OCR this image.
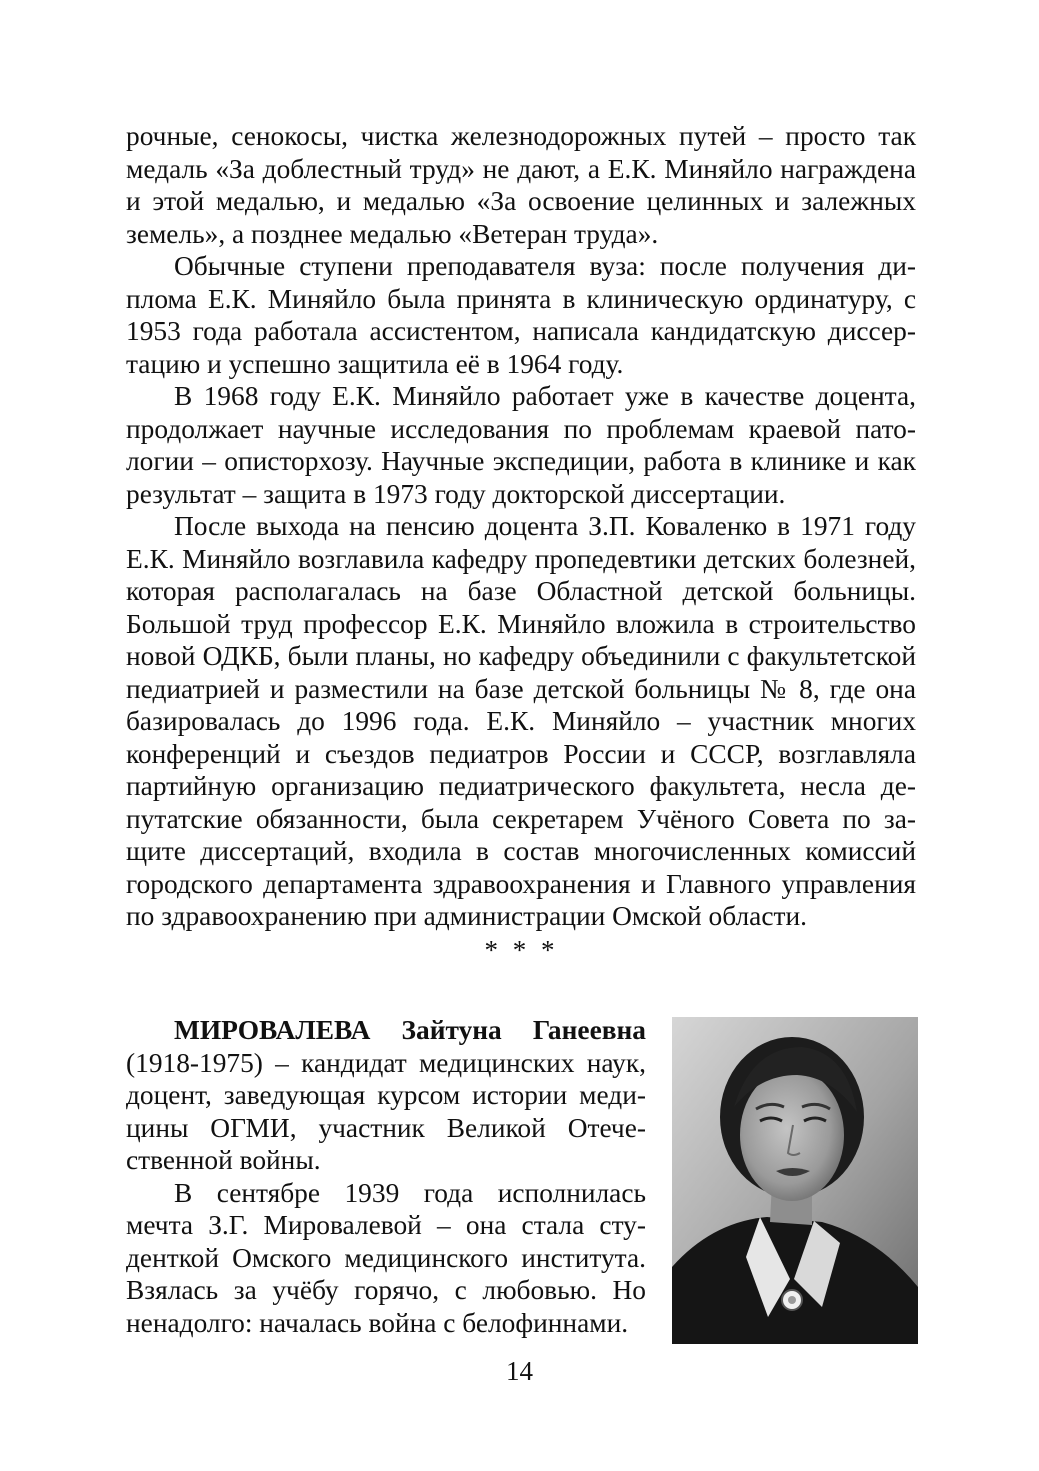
рочные, сенокосы, чистка железнодорожных путей – просто так медаль «За доблестный труд» не дают, а Е.К. Миняйло награждена и этой медалью, и медалью «За освоение целинных и залежных земель», а позднее медалью «Ветеран труда».

Обычные ступени преподавателя вуза: после получения диплома Е.К. Миняйло была принята в клиническую ординатуру, с 1953 года работала ассистентом, написала кандидатскую диссертацию и успешно защитила её в 1964 году.

В 1968 году Е.К. Миняйло работает уже в качестве доцента, продолжает научные исследования по проблемам краевой патологии – описторхозу. Научные экспедиции, работа в клинике и как результат – защита в 1973 году докторской диссертации.

После выхода на пенсию доцента З.П. Коваленко в 1971 году Е.К. Миняйло возглавила кафедру пропедевтики детских болезней, которая располагалась на базе Областной детской больницы. Большой труд профессор Е.К. Миняйло вложила в строительство новой ОДКБ, были планы, но кафедру объединили с факультетской педиатрией и разместили на базе детской больницы № 8, где она базировалась до 1996 года. Е.К. Миняйло – участник многих конференций и съездов педиатров России и СССР, возглавляла партийную организацию педиатрического факультета, несла депутатские обязанности, была секретарем Учёного Совета по защите диссертаций, входила в состав многочисленных комиссий городского департамента здравоохранения и Главного управления по здравоохранению при администрации Омской области.

* * *

МИРОВАЛЕВА Зайтуна Ганеевна (1918-1975) – кандидат медицинских наук, доцент, заведующая курсом истории медицины ОГМИ, участник Великой Отечественной войны.

В сентябре 1939 года исполнилась мечта З.Г. Мировалевой – она стала студенткой Омского медицинского института. Взялась за учёбу горячо, с любовью. Но ненадолго: началась война с белофиннами.

14
